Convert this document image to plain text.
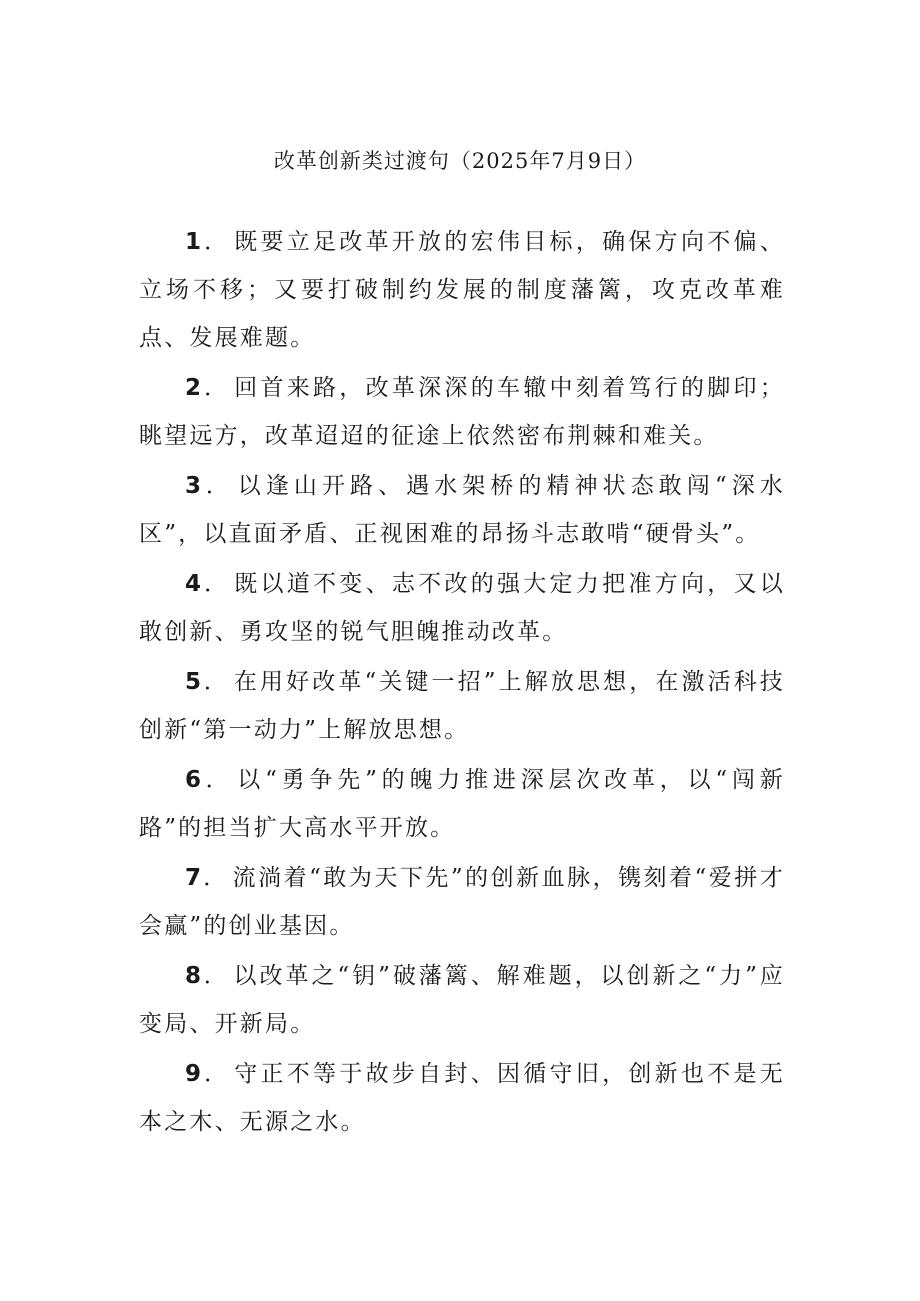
改革创新类过渡句（2025年7月9日）
1． 既要立足改革开放的宏伟目标，确保方向不偏、立场不移；又要打破制约发展的制度藩篱，攻克改革难点、发展难题。
2． 回首来路，改革深深的车辙中刻着笃行的脚印；眺望远方，改革迢迢的征途上依然密布荆棘和难关。
3． 以逢山开路、遇水架桥的精神状态敢闯“深水区”，以直面矛盾、正视困难的昂扬斗志敢啃“硬骨头”。
4． 既以道不变、志不改的强大定力把准方向，又以敢创新、勇攻坚的锐气胆魄推动改革。
5． 在用好改革“关键一招”上解放思想，在激活科技创新“第一动力”上解放思想。
6． 以“勇争先”的魄力推进深层次改革，以“闯新路”的担当扩大高水平开放。
7． 流淌着“敢为天下先”的创新血脉，镌刻着“爱拼才会赢”的创业基因。
8． 以改革之“钥”破藩篱、解难题，以创新之“力”应变局、开新局。
9． 守正不等于故步自封、因循守旧，创新也不是无本之木、无源之水。
